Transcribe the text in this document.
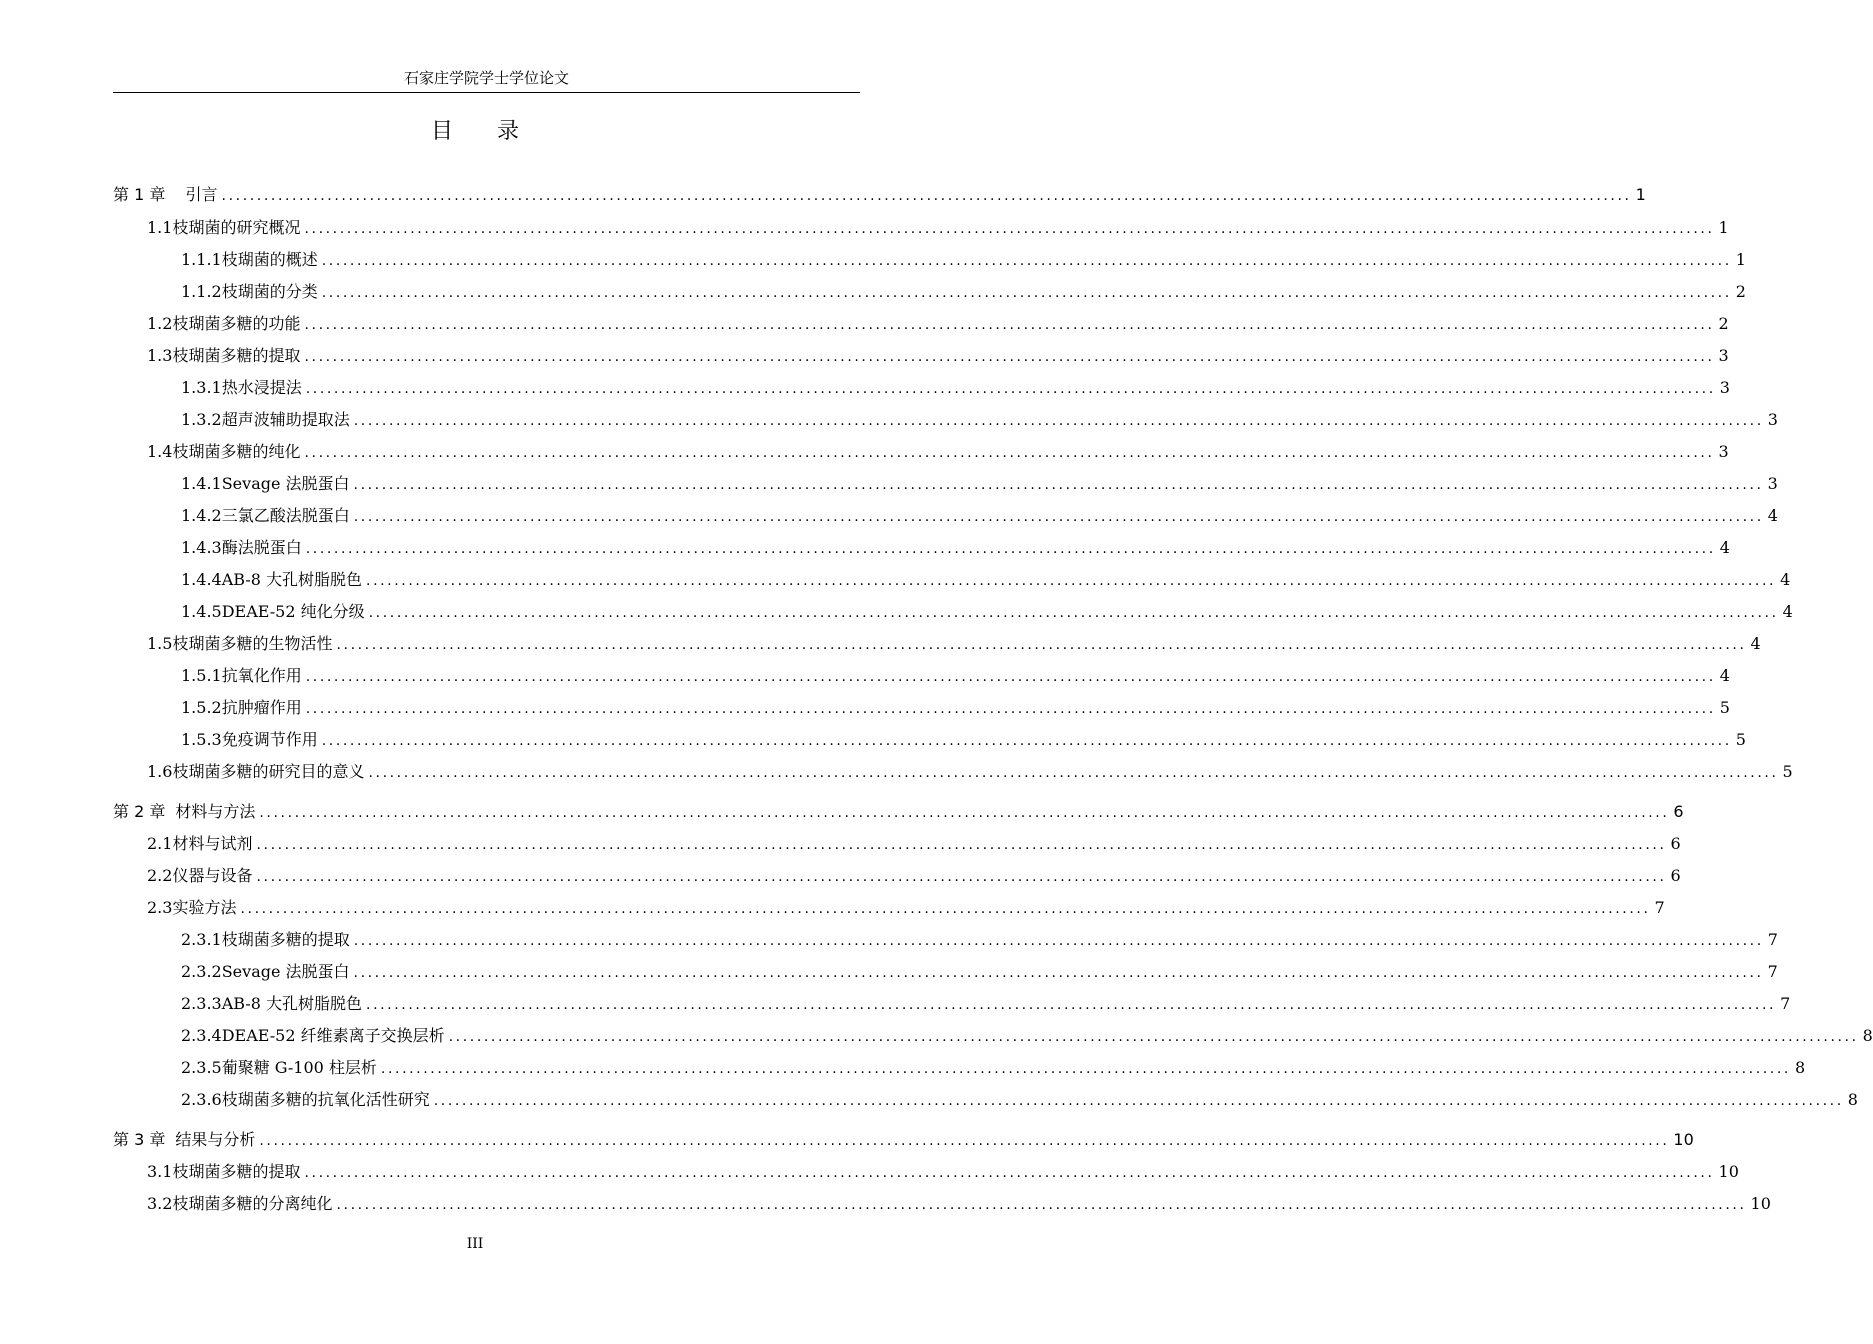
石家庄学院学士学位论文
目 录
第 1 章 引言 ........................................................................................................................................................................................................ 1
1.1 枝瑚菌的研究概况 ........................................................................................................................................................................................................ 1
1.1.1 枝瑚菌的概述 ........................................................................................................................................................................................................ 1
1.1.2 枝瑚菌的分类 ........................................................................................................................................................................................................ 2
1.2 枝瑚菌多糖的功能 ........................................................................................................................................................................................................ 2
1.3 枝瑚菌多糖的提取 ........................................................................................................................................................................................................ 3
1.3.1 热水浸提法 ........................................................................................................................................................................................................ 3
1.3.2 超声波辅助提取法 ........................................................................................................................................................................................................ 3
1.4 枝瑚菌多糖的纯化 ........................................................................................................................................................................................................ 3
1.4.1 Sevage 法脱蛋白 ........................................................................................................................................................................................................ 3
1.4.2 三氯乙酸法脱蛋白 ........................................................................................................................................................................................................ 4
1.4.3 酶法脱蛋白 ........................................................................................................................................................................................................ 4
1.4.4 AB-8 大孔树脂脱色 ........................................................................................................................................................................................................ 4
1.4.5 DEAE-52 纯化分级 ........................................................................................................................................................................................................ 4
1.5 枝瑚菌多糖的生物活性 ........................................................................................................................................................................................................ 4
1.5.1 抗氧化作用 ........................................................................................................................................................................................................ 4
1.5.2 抗肿瘤作用 ........................................................................................................................................................................................................ 5
1.5.3 免疫调节作用 ........................................................................................................................................................................................................ 5
1.6 枝瑚菌多糖的研究目的意义 ........................................................................................................................................................................................................ 5
第 2 章 材料与方法 ........................................................................................................................................................................................................ 6
2.1 材料与试剂 ........................................................................................................................................................................................................ 6
2.2 仪器与设备 ........................................................................................................................................................................................................ 6
2.3 实验方法 ........................................................................................................................................................................................................ 7
2.3.1 枝瑚菌多糖的提取 ........................................................................................................................................................................................................ 7
2.3.2 Sevage 法脱蛋白 ........................................................................................................................................................................................................ 7
2.3.3 AB-8 大孔树脂脱色 ........................................................................................................................................................................................................ 7
2.3.4 DEAE-52 纤维素离子交换层析 ........................................................................................................................................................................................................ 8
2.3.5 葡聚糖 G-100 柱层析 ........................................................................................................................................................................................................ 8
2.3.6 枝瑚菌多糖的抗氧化活性研究 ........................................................................................................................................................................................................ 8
第 3 章 结果与分析 ........................................................................................................................................................................................................ 10
3.1 枝瑚菌多糖的提取 ........................................................................................................................................................................................................ 10
3.2 枝瑚菌多糖的分离纯化 ........................................................................................................................................................................................................ 10
III
